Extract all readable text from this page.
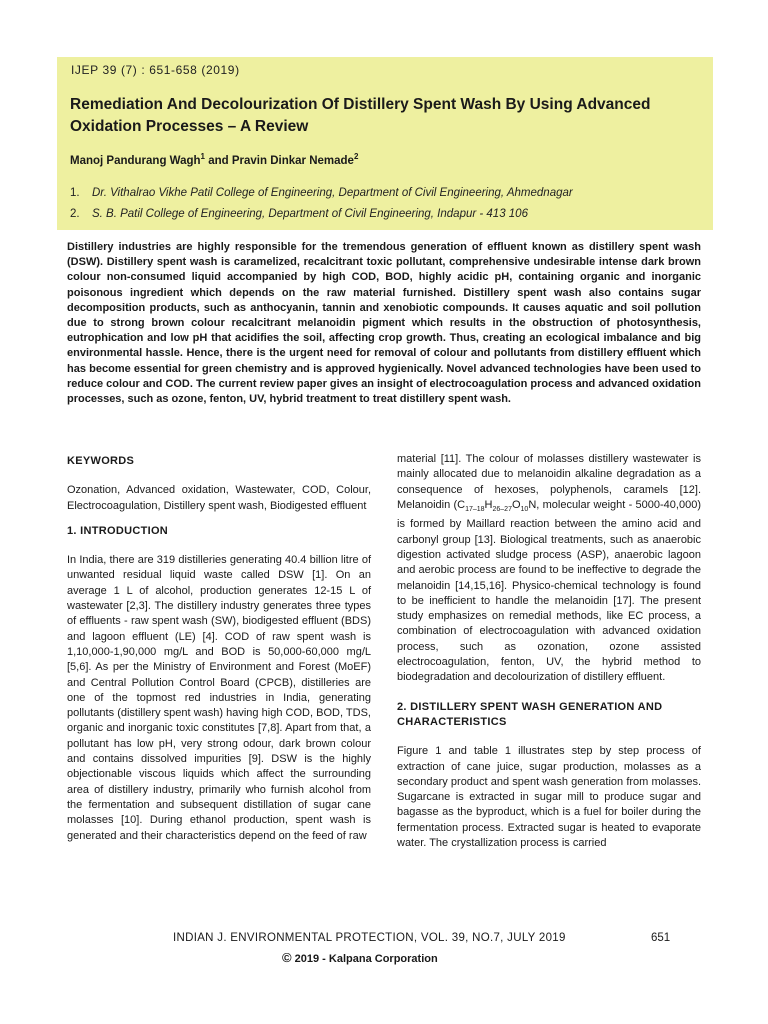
IJEP 39 (7) : 651-658 (2019)
Remediation And Decolourization Of Distillery Spent Wash By Using Advanced Oxidation Processes – A Review
Manoj Pandurang Wagh$^1$ and Pravin Dinkar Nemade$^2$
1. Dr. Vithalrao Vikhe Patil College of Engineering, Department of Civil Engineering, Ahmednagar
2. S. B. Patil College of Engineering, Department of Civil Engineering, Indapur - 413 106

Distillery industries are highly responsible for the tremendous generation of effluent known as distillery spent wash (DSW). Distillery spent wash is caramelized, recalcitrant toxic pollutant, comprehensive undesirable intense dark brown colour non-consumed liquid accompanied by high COD, BOD, highly acidic pH, containing organic and inorganic poisonous ingredient which depends on the raw material furnished. Distillery spent wash also contains sugar decomposition products, such as anthocyanin, tannin and xenobiotic compounds. It causes aquatic and soil pollution due to strong brown colour recalcitrant melanoidin pigment which results in the obstruction of photosynthesis, eutrophication and low pH that acidifies the soil, affecting crop growth. Thus, creating an ecological imbalance and big environmental hassle. Hence, there is the urgent need for removal of colour and pollutants from distillery effluent which has become essential for green chemistry and is approved hygienically. Novel advanced technologies have been used to reduce colour and COD. The current review paper gives an insight of electrocoagulation process and advanced oxidation processes, such as ozone, fenton, UV, hybrid treatment to treat distillery spent wash.

KEYWORDS

Ozonation, Advanced oxidation, Wastewater, COD, Colour, Electrocoagulation, Distillery spent wash, Biodigested effluent

1. INTRODUCTION

In India, there are 319 distilleries generating 40.4 billion litre of unwanted residual liquid waste called DSW [1]. On an average 1 L of alcohol, production generates 12-15 L of wastewater [2,3]. The distillery industry generates three types of effluents - raw spent wash (SW), biodigested effluent (BDS) and lagoon effluent (LE) [4]. COD of raw spent wash is 1,10,000-1,90,000 mg/L and BOD is 50,000-60,000 mg/L [5,6]. As per the Ministry of Environment and Forest (MoEF) and Central Pollution Control Board (CPCB), distilleries are one of the topmost red industries in India, generating pollutants (distillery spent wash) having high COD, BOD, TDS, organic and inorganic toxic constitutes [7,8]. Apart from that, a pollutant has low pH, very strong odour, dark brown colour and contains dissolved impurities [9]. DSW is the highly objectionable viscous liquids which affect the surrounding area of distillery industry, primarily who furnish alcohol from the fermentation and subsequent distillation of sugar cane molasses [10]. During ethanol production, spent wash is generated and their characteristics depend on the feed of raw

material [11]. The colour of molasses distillery wastewater is mainly allocated due to melanoidin alkaline degradation as a consequence of hexoses, polyphenols, caramels [12]. Melanoidin ($C_{17-18}H_{26-27}O_{10}N$, molecular weight - 5000-40,000) is formed by Maillard reaction between the amino acid and carbonyl group [13]. Biological treatments, such as anaerobic digestion activated sludge process (ASP), anaerobic lagoon and aerobic process are found to be ineffective to degrade the melanoidin [14,15,16]. Physico-chemical technology is found to be inefficient to handle the melanoidin [17]. The present study emphasizes on remedial methods, like EC process, a combination of electrocoagulation with advanced oxidation process, such as ozonation, ozone assisted electrocoagulation, fenton, UV, the hybrid method to biodegradation and decolourization of distillery effluent.

2. DISTILLERY SPENT WASH GENERATION AND CHARACTERISTICS

Figure 1 and table 1 illustrates step by step process of extraction of cane juice, sugar production, molasses as a secondary product and spent wash generation from molasses. Sugarcane is extracted in sugar mill to produce sugar and bagasse as the byproduct, which is a fuel for boiler during the fermentation process. Extracted sugar is heated to evaporate water. The crystallization process is carried

INDIAN J. ENVIRONMENTAL PROTECTION, VOL. 39, NO.7, JULY 2019	651
© 2019 - Kalpana Corporation
